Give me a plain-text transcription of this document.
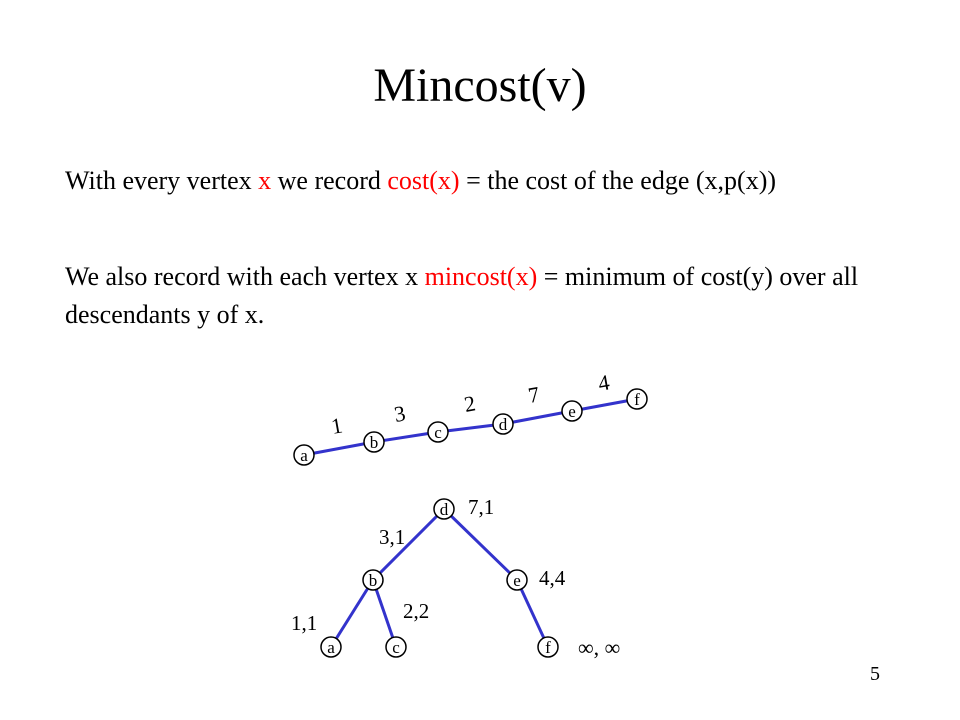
Mincost(v)

With every vertex x we record cost(x) = the cost of the edge (x,p(x))

We also record with each vertex x mincost(x) = minimum of cost(y) over all descendants y of x.

a
b
c	d
e
f
1 3 2 7 4
d
b	e
a	c	f
7,1
3,1
4,4
1,1	2,2
∞, ∞
5
